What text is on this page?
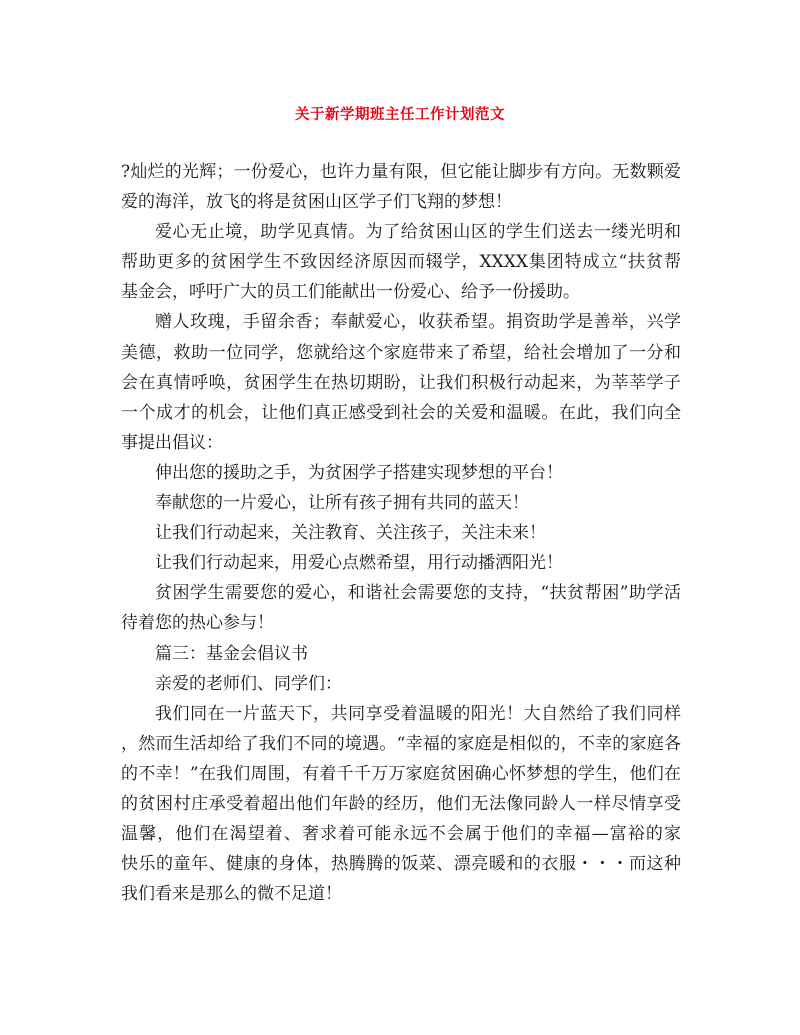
关于新学期班主任工作计划范文
?灿烂的光辉；一份爱心，也许力量有限，但它能让脚步有方向。无数颗爱
爱的海洋，放飞的将是贫困山区学子们飞翔的梦想！
爱心无止境，助学见真情。为了给贫困山区的学生们送去一缕光明和
帮助更多的贫困学生不致因经济原因而辍学，XXXX集团特成立“扶贫帮
基金会，呼吁广大的员工们能献出一份爱心、给予一份援助。
赠人玫瑰，手留余香；奉献爱心，收获希望。捐资助学是善举，兴学
美德，救助一位同学，您就给这个家庭带来了希望，给社会增加了一分和
会在真情呼唤，贫困学生在热切期盼，让我们积极行动起来，为莘莘学子
一个成才的机会，让他们真正感受到社会的关爱和温暖。在此，我们向全
事提出倡议：
伸出您的援助之手，为贫困学子搭建实现梦想的平台！
奉献您的一片爱心，让所有孩子拥有共同的蓝天！
让我们行动起来，关注教育、关注孩子，关注未来！
让我们行动起来，用爱心点燃希望，用行动播洒阳光！
贫困学生需要您的爱心，和谐社会需要您的支持，“扶贫帮困”助学活
待着您的热心参与！
篇三：基金会倡议书
亲爱的老师们、同学们：
我们同在一片蓝天下，共同享受着温暖的阳光！大自然给了我们同样
，然而生活却给了我们不同的境遇。“幸福的家庭是相似的，不幸的家庭各
的不幸！”在我们周围，有着千千万万家庭贫困确心怀梦想的学生，他们在
的贫困村庄承受着超出他们年龄的经历，他们无法像同龄人一样尽情享受
温馨，他们在渴望着、奢求着可能永远不会属于他们的幸福—富裕的家
快乐的童年、健康的身体，热腾腾的饭菜、漂亮暖和的衣服・・・而这种
我们看来是那么的微不足道！
